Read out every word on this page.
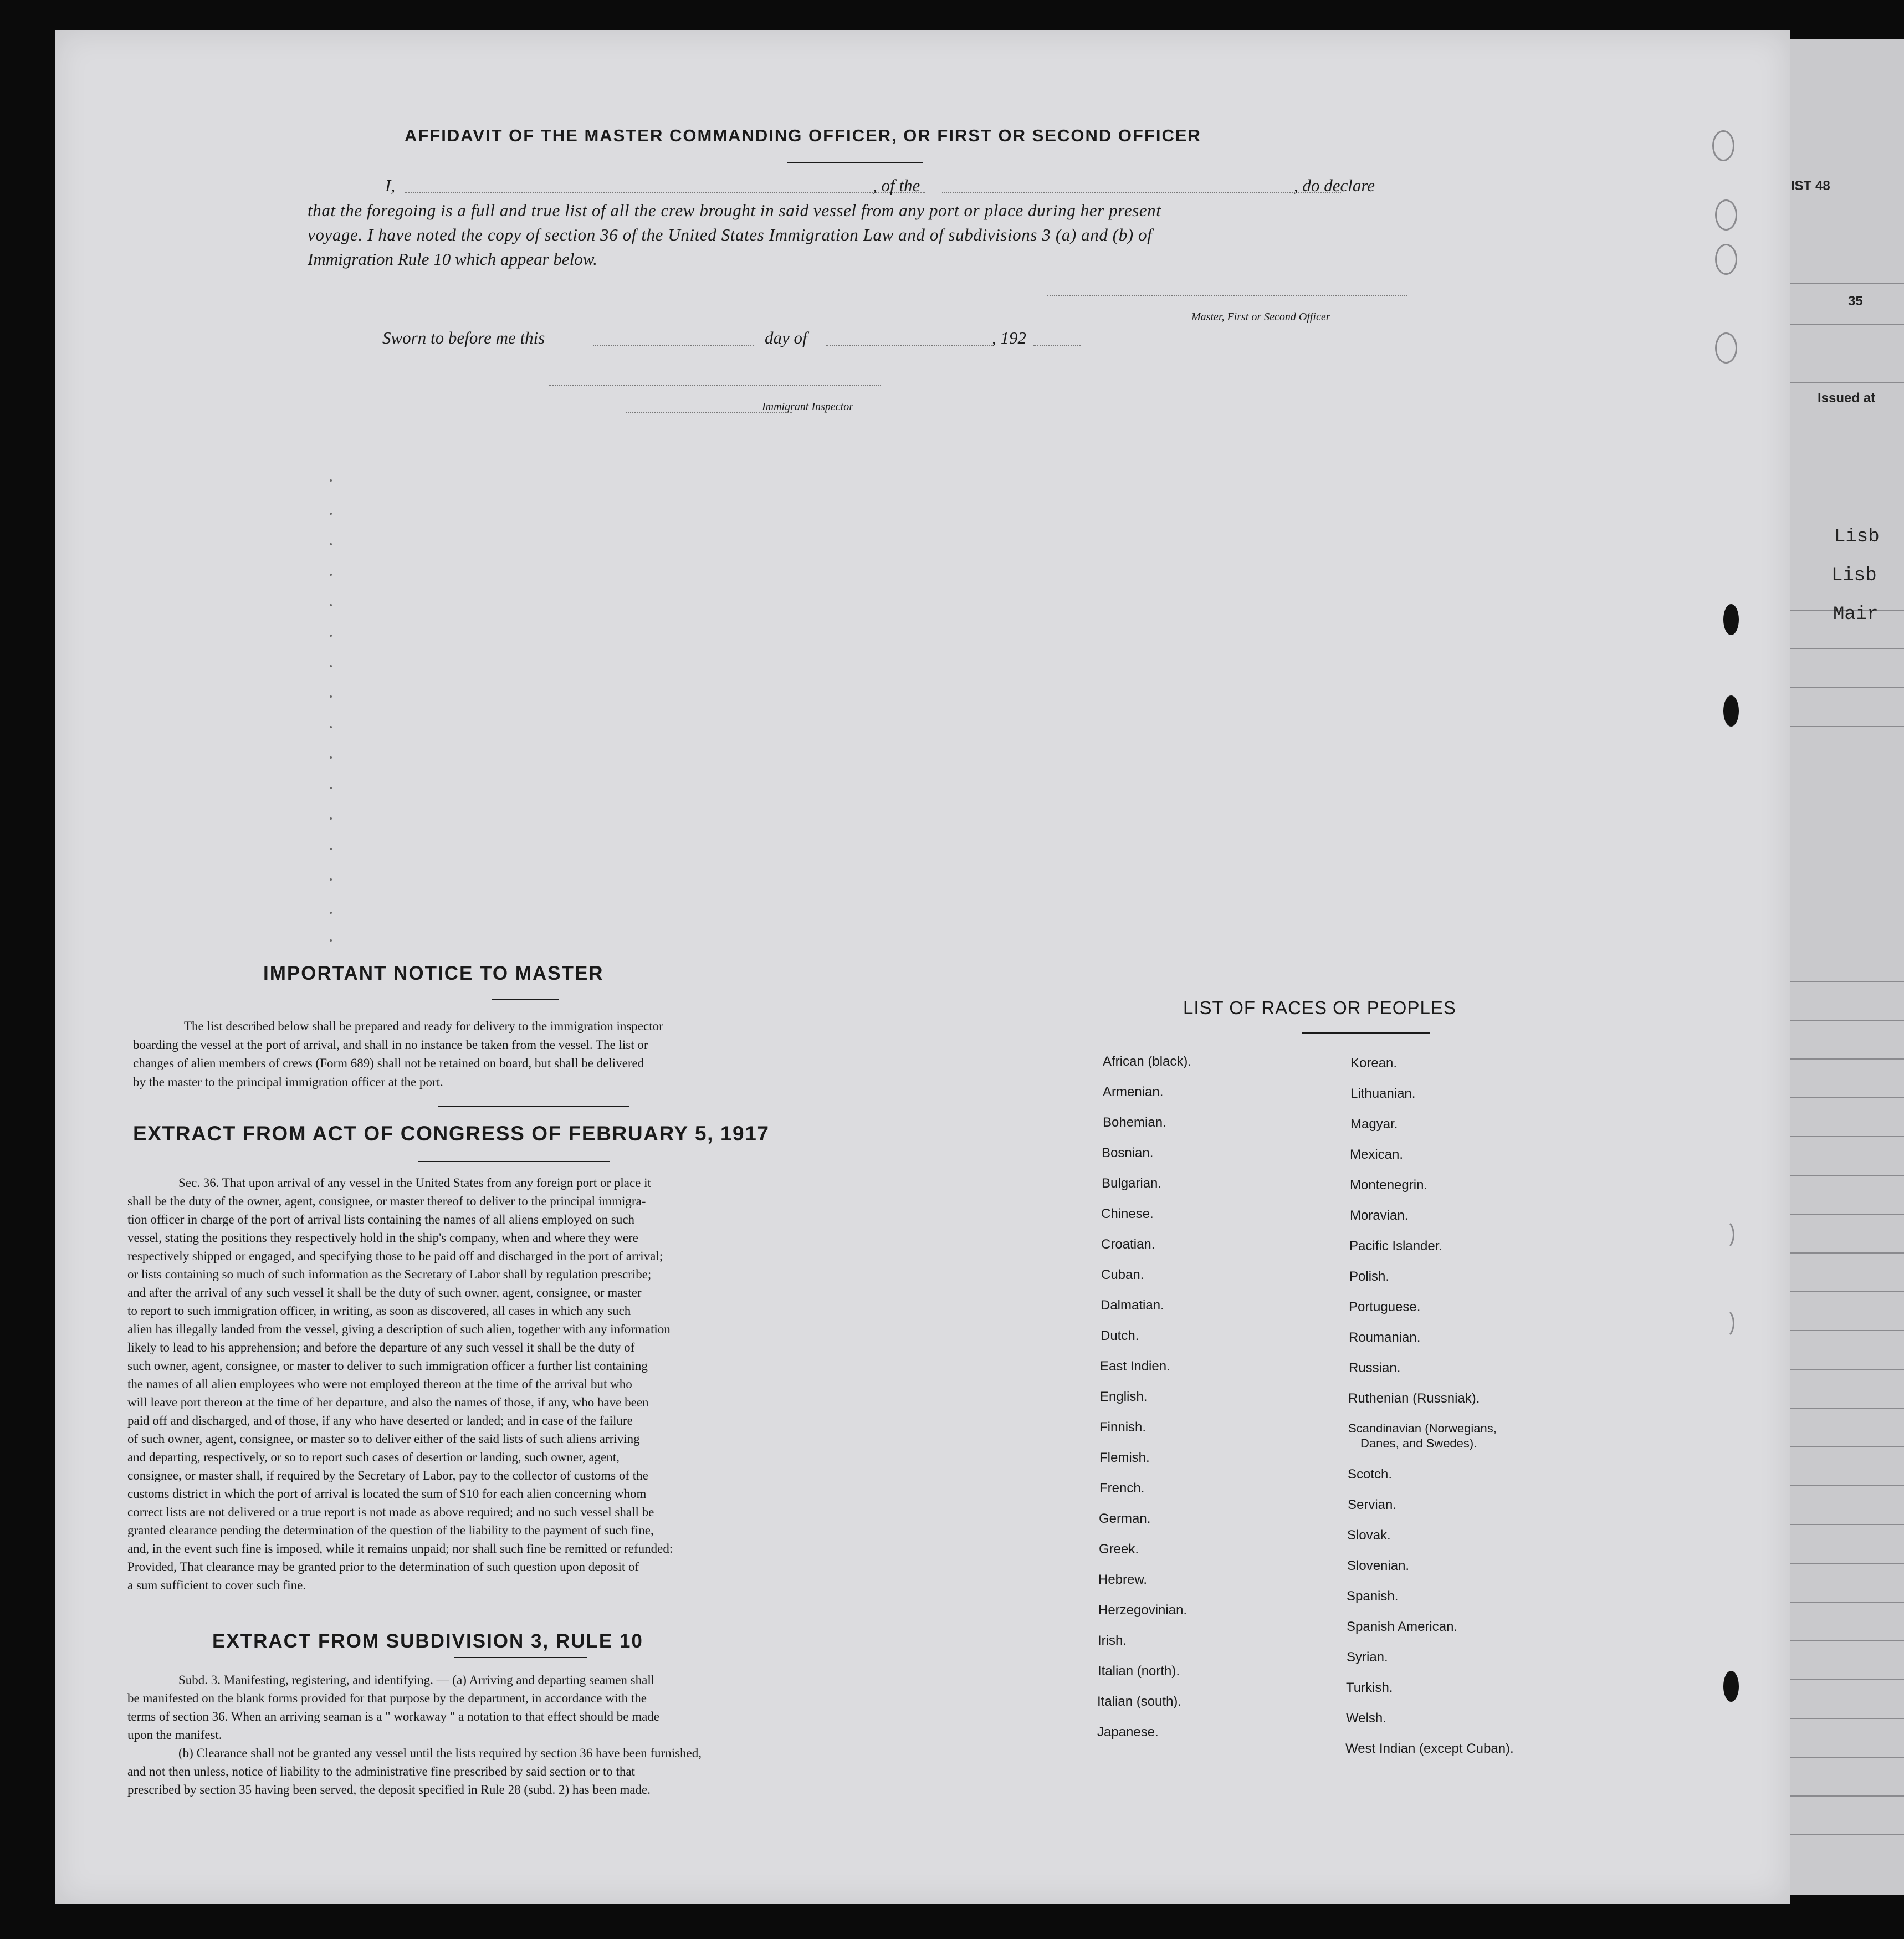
IST 48
35
Issued at
Lisb
Lisb
Mair
AFFIDAVIT OF THE MASTER COMMANDING OFFICER, OR FIRST OR SECOND OFFICER
I,	, of the	, do declare
that the foregoing is a full and true list of all the crew brought in said vessel from any port or place during her present
voyage. I have noted the copy of section 36 of the United States Immigration Law and of subdivisions 3 (a) and (b) of
Immigration Rule 10 which appear below.
Master, First or Second Officer
Sworn to before me this	day of	, 192
Immigrant Inspector
IMPORTANT NOTICE TO MASTER
The list described below shall be prepared and ready for delivery to the immigration inspector
boarding the vessel at the port of arrival, and shall in no instance be taken from the vessel. The list or
changes of alien members of crews (Form 689) shall not be retained on board, but shall be delivered
by the master to the principal immigration officer at the port.
EXTRACT FROM ACT OF CONGRESS OF FEBRUARY 5, 1917
Sec. 36. That upon arrival of any vessel in the United States from any foreign port or place it
shall be the duty of the owner, agent, consignee, or master thereof to deliver to the principal immigra-
tion officer in charge of the port of arrival lists containing the names of all aliens employed on such
vessel, stating the positions they respectively hold in the ship's company, when and where they were
respectively shipped or engaged, and specifying those to be paid off and discharged in the port of arrival;
or lists containing so much of such information as the Secretary of Labor shall by regulation prescribe;
and after the arrival of any such vessel it shall be the duty of such owner, agent, consignee, or master
to report to such immigration officer, in writing, as soon as discovered, all cases in which any such
alien has illegally landed from the vessel, giving a description of such alien, together with any information
likely to lead to his apprehension; and before the departure of any such vessel it shall be the duty of
such owner, agent, consignee, or master to deliver to such immigration officer a further list containing
the names of all alien employees who were not employed thereon at the time of the arrival but who
will leave port thereon at the time of her departure, and also the names of those, if any, who have been
paid off and discharged, and of those, if any who have deserted or landed; and in case of the failure
of such owner, agent, consignee, or master so to deliver either of the said lists of such aliens arriving
and departing, respectively, or so to report such cases of desertion or landing, such owner, agent,
consignee, or master shall, if required by the Secretary of Labor, pay to the collector of customs of the
customs district in which the port of arrival is located the sum of $10 for each alien concerning whom
correct lists are not delivered or a true report is not made as above required; and no such vessel shall be
granted clearance pending the determination of the question of the liability to the payment of such fine,
and, in the event such fine is imposed, while it remains unpaid; nor shall such fine be remitted or refunded:
Provided, That clearance may be granted prior to the determination of such question upon deposit of
a sum sufficient to cover such fine.
EXTRACT FROM SUBDIVISION 3, RULE 10
Subd. 3. Manifesting, registering, and identifying. — (a) Arriving and departing seamen shall
be manifested on the blank forms provided for that purpose by the department, in accordance with the
terms of section 36. When an arriving seaman is a " workaway " a notation to that effect should be made
upon the manifest.
(b) Clearance shall not be granted any vessel until the lists required by section 36 have been furnished,
and not then unless, notice of liability to the administrative fine prescribed by said section or to that
prescribed by section 35 having been served, the deposit specified in Rule 28 (subd. 2) has been made.
LIST OF RACES OR PEOPLES
African (black).
Armenian.
Bohemian.
Bosnian.
Bulgarian.
Chinese.
Croatian.
Cuban.
Dalmatian.
Dutch.
East Indien.
English.
Finnish.
Flemish.
French.
German.
Greek.
Hebrew.
Herzegovinian.
Irish.
Italian (north).
Italian (south).
Japanese.
Korean.
Lithuanian.
Magyar.
Mexican.
Montenegrin.
Moravian.
Pacific Islander.
Polish.
Portuguese.
Roumanian.
Russian.
Ruthenian (Russniak).
Scandinavian (Norwegians,
Danes, and Swedes).
Scotch.
Servian.
Slovak.
Slovenian.
Spanish.
Spanish American.
Syrian.
Turkish.
Welsh.
West Indian (except Cuban).
